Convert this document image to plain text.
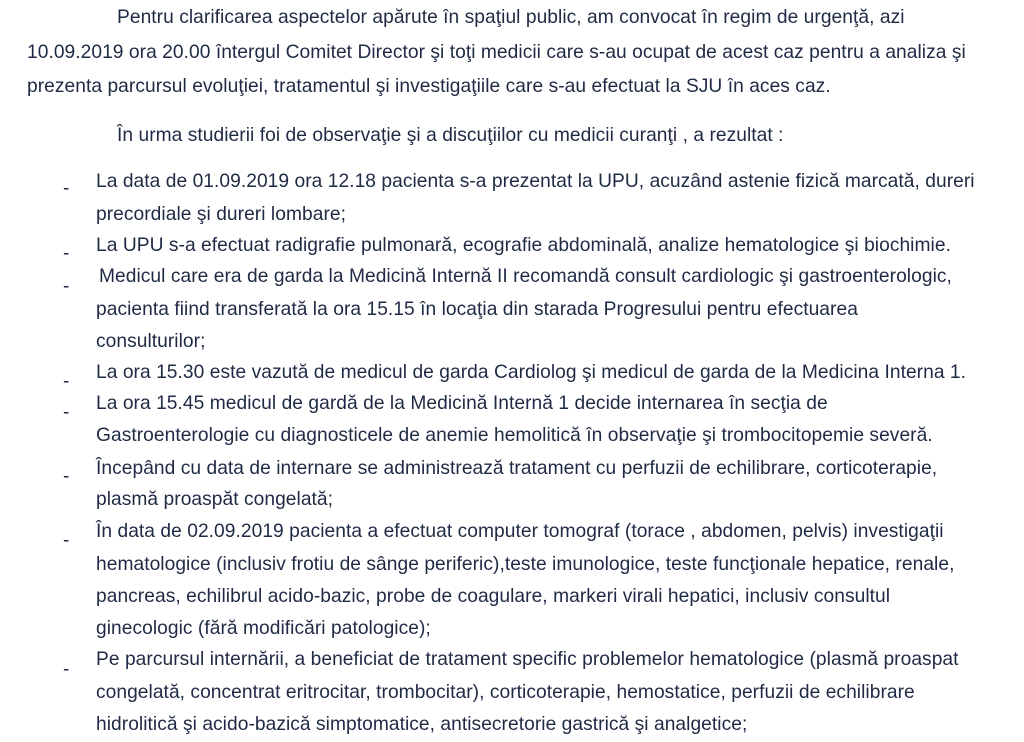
Pentru clarificarea aspectelor apărute în spaţiul public, am convocat în regim de urgenţă, azi
10.09.2019 ora 20.00 întergul Comitet Director şi toţi medicii care s-au ocupat de acest caz pentru a analiza şi
prezenta parcursul evoluţiei, tratamentul şi investigaţiile care s-au efectuat la SJU în aces caz.
În urma studierii foi de observaţie şi a discuţiilor cu medicii curanţi , a rezultat :
- La data de 01.09.2019 ora 12.18 pacienta s-a prezentat la UPU, acuzând astenie fizică marcată, dureri
precordiale şi dureri lombare;
- La UPU s-a efectuat radigrafie pulmonară, ecografie abdominală, analize hematologice şi biochimie.
- Medicul care era de garda la Medicină Internă II recomandă consult cardiologic şi gastroenterologic,
pacienta fiind transferată la ora 15.15 în locaţia din starada Progresului pentru efectuarea
consulturilor;
- La ora 15.30 este vazută de medicul de garda Cardiolog şi medicul de garda de la Medicina Interna 1.
- La ora 15.45 medicul de gardă de la Medicină Internă 1 decide internarea în secţia de
Gastroenterologie cu diagnosticele de anemie hemolitică în observaţie şi trombocitopemie severă.
- Începând cu data de internare se administrează tratament cu perfuzii de echilibrare, corticoterapie,
plasmă proaspăt congelată;
- În data de 02.09.2019 pacienta a efectuat computer tomograf (torace , abdomen, pelvis) investigaţii
hematologice (inclusiv frotiu de sânge periferic),teste imunologice, teste funcţionale hepatice, renale,
pancreas, echilibrul acido-bazic, probe de coagulare, markeri virali hepatici, inclusiv consultul
ginecologic (fără modificări patologice);
- Pe parcursul internării, a beneficiat de tratament specific problemelor hematologice (plasmă proaspat
congelată, concentrat eritrocitar, trombocitar), corticoterapie, hemostatice, perfuzii de echilibrare
hidrolitică şi acido-bazică simptomatice, antisecretorie gastrică şi analgetice;
